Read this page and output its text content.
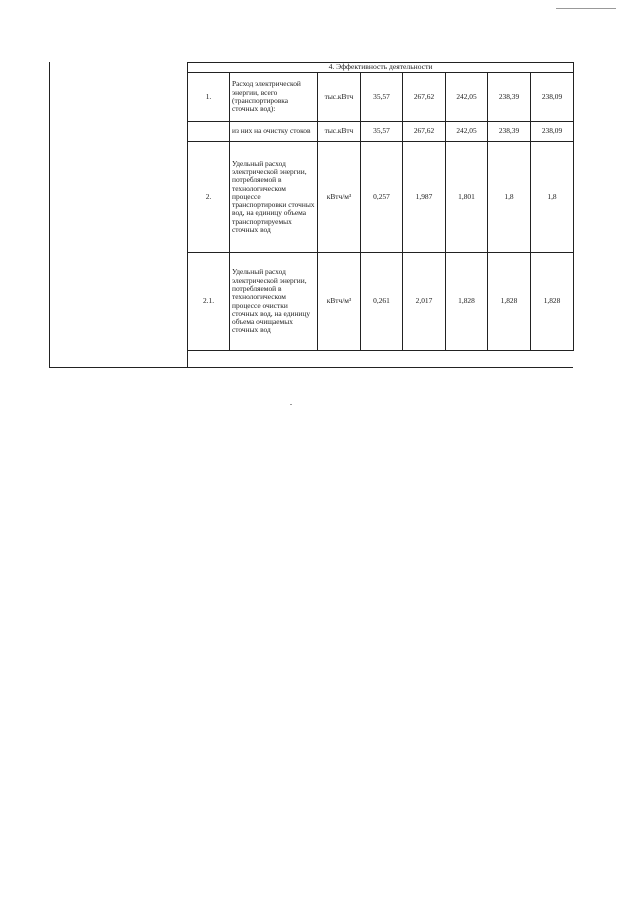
4. Эффективность деятельности							
1.	Расход электрической энергии, всего (транспортировка сточных вод):	тыс.кВтч	35,57	267,62	242,05	238,39	238,09
	из них на очистку стоков	тыс.кВтч	35,57	267,62	242,05	238,39	238,09
2.	Удельный расход электрической энергии, потребляемой в технологическом процессе транспортировки сточных вод, на единицу объема транспортируемых сточных вод	кВтч/м³	0,257	1,987	1,801	1,8	1,8
2.1.	Удельный расход электрической энергии, потребляемой в технологическом процессе очистки сточных вод, на единицу объема очищаемых сточных вод	кВтч/м³	0,261	2,017	1,828	1,828	1,828
